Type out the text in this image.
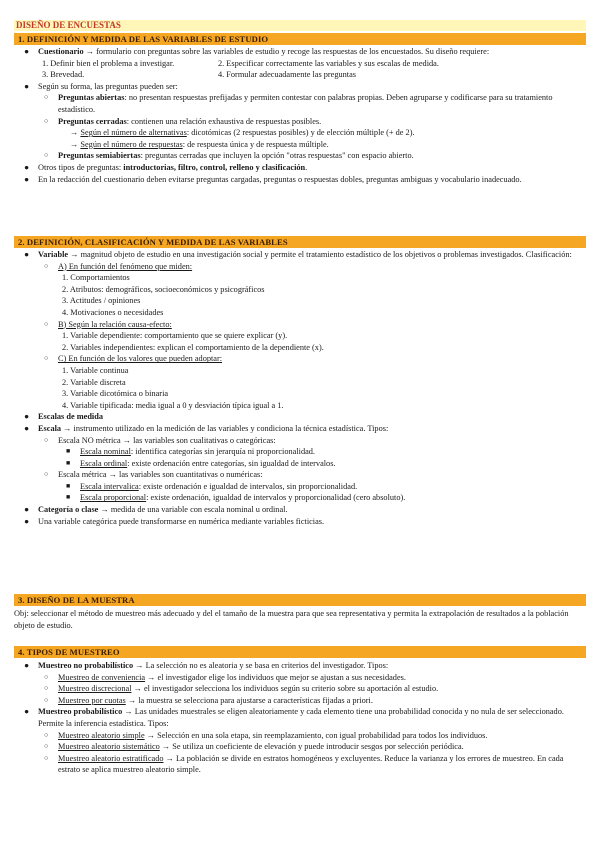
DISEÑO DE ENCUESTAS
1. DEFINICIÓN Y MEDIDA DE LAS VARIABLES DE ESTUDIO
● Cuestionario → formulario con preguntas sobre las variables de estudio y recoge las respuestas de los encuestados. Su diseño requiere:
1. Definir bien el problema a investigar.	2. Especificar correctamente las variables y sus escalas de medida.
3. Brevedad.	4. Formular adecuadamente las preguntas
● Según su forma, las preguntas pueden ser:
○ Preguntas abiertas: no presentan respuestas prefijadas y permiten contestar con palabras propias. Deben agruparse y codificarse para su tratamiento estadístico.
○ Preguntas cerradas: contienen una relación exhaustiva de respuestas posibles.
→ Según el número de alternativas: dicotómicas (2 respuestas posibles) y de elección múltiple (+ de 2).
→ Según el número de respuestas: de respuesta única y de respuesta múltiple.
○ Preguntas semiabiertas: preguntas cerradas que incluyen la opción "otras respuestas" con espacio abierto.
● Otros tipos de preguntas: introductorias, filtro, control, relleno y clasificación.
● En la redacción del cuestionario deben evitarse preguntas cargadas, preguntas o respuestas dobles, preguntas ambiguas y vocabulario inadecuado.
2. DEFINICIÓN, CLASIFICACIÓN Y MEDIDA DE LAS VARIABLES
● Variable → magnitud objeto de estudio en una investigación social y permite el tratamiento estadístico de los objetivos o problemas investigados. Clasificación:
○ A) En función del fenómeno que miden:
1. Comportamientos
2. Atributos: demográficos, socioeconómicos y psicográficos
3. Actitudes / opiniones
4. Motivaciones o necesidades
○ B) Según la relación causa-efecto:
1. Variable dependiente: comportamiento que se quiere explicar (y).
2. Variables independientes: explican el comportamiento de la dependiente (x).
○ C) En función de los valores que pueden adoptar:
1. Variable continua
2. Variable discreta
3. Variable dicotómica o binaria
4. Variable tipificada: media igual a 0 y desviación típica igual a 1.
● Escalas de medida
● Escala → instrumento utilizado en la medición de las variables y condiciona la técnica estadística. Tipos:
○ Escala NO métrica → las variables son cualitativas o categóricas:
■ Escala nominal: identifica categorías sin jerarquía ni proporcionalidad.
■ Escala ordinal: existe ordenación entre categorías, sin igualdad de intervalos.
○ Escala métrica → las variables son cuantitativas o numéricas:
■ Escala intervalica: existe ordenación e igualdad de intervalos, sin proporcionalidad.
■ Escala proporcional: existe ordenación, igualdad de intervalos y proporcionalidad (cero absoluto).
● Categoría o clase → medida de una variable con escala nominal u ordinal.
● Una variable categórica puede transformarse en numérica mediante variables ficticias.
3. DISEÑO DE LA MUESTRA

Obj: seleccionar el método de muestreo más adecuado y del el tamaño de la muestra para que sea representativa y permita la extrapolación de resultados a la población objeto de estudio.

4. TIPOS DE MUESTREO
● Muestreo no probabilístico → La selección no es aleatoria y se basa en criterios del investigador. Tipos:
○ Muestreo de conveniencia → el investigador elige los individuos que mejor se ajustan a sus necesidades.
○ Muestreo discrecional → el investigador selecciona los individuos según su criterio sobre su aportación al estudio.
○ Muestreo por cuotas → la muestra se selecciona para ajustarse a características fijadas a priori.
● Muestreo probabilístico → Las unidades muestrales se eligen aleatoriamente y cada elemento tiene una probabilidad conocida y no nula de ser seleccionado. Permite la inferencia estadística. Tipos:
○ Muestreo aleatorio simple → Selección en una sola etapa, sin reemplazamiento, con igual probabilidad para todos los individuos.
○ Muestreo aleatorio sistemático → Se utiliza un coeficiente de elevación y puede introducir sesgos por selección periódica.
○ Muestreo aleatorio estratificado → La población se divide en estratos homogéneos y excluyentes. Reduce la varianza y los errores de muestreo. En cada estrato se aplica muestreo aleatorio simple.
